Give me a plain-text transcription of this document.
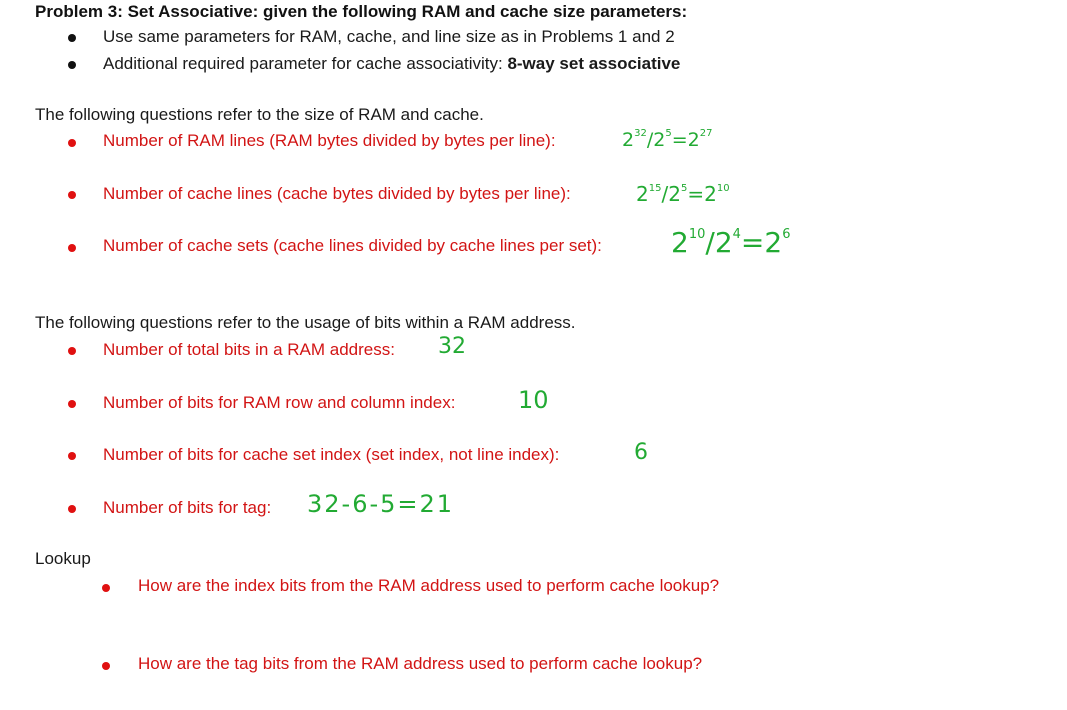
Problem 3: Set Associative: given the following RAM and cache size parameters:
Use same parameters for RAM, cache, and line size as in Problems 1 and 2
Additional required parameter for cache associativity: 8-way set associative
The following questions refer to the size of RAM and cache.
Number of RAM lines (RAM bytes divided by bytes per line):	$2^{32}/2^5=2^{27}$
Number of cache lines (cache bytes divided by bytes per line):	$2^{15}/2^5=2^{10}$
Number of cache sets (cache lines divided by cache lines per set): $2^{10}/2^4=2^6$
The following questions refer to the usage of bits within a RAM address.
Number of total bits in a RAM address: 32
Number of bits for RAM row and column index:	10
Number of bits for cache set index (set index, not line index):	6
Number of bits for tag: 32-6-5=21
Lookup
How are the index bits from the RAM address used to perform cache lookup?
How are the tag bits from the RAM address used to perform cache lookup?
